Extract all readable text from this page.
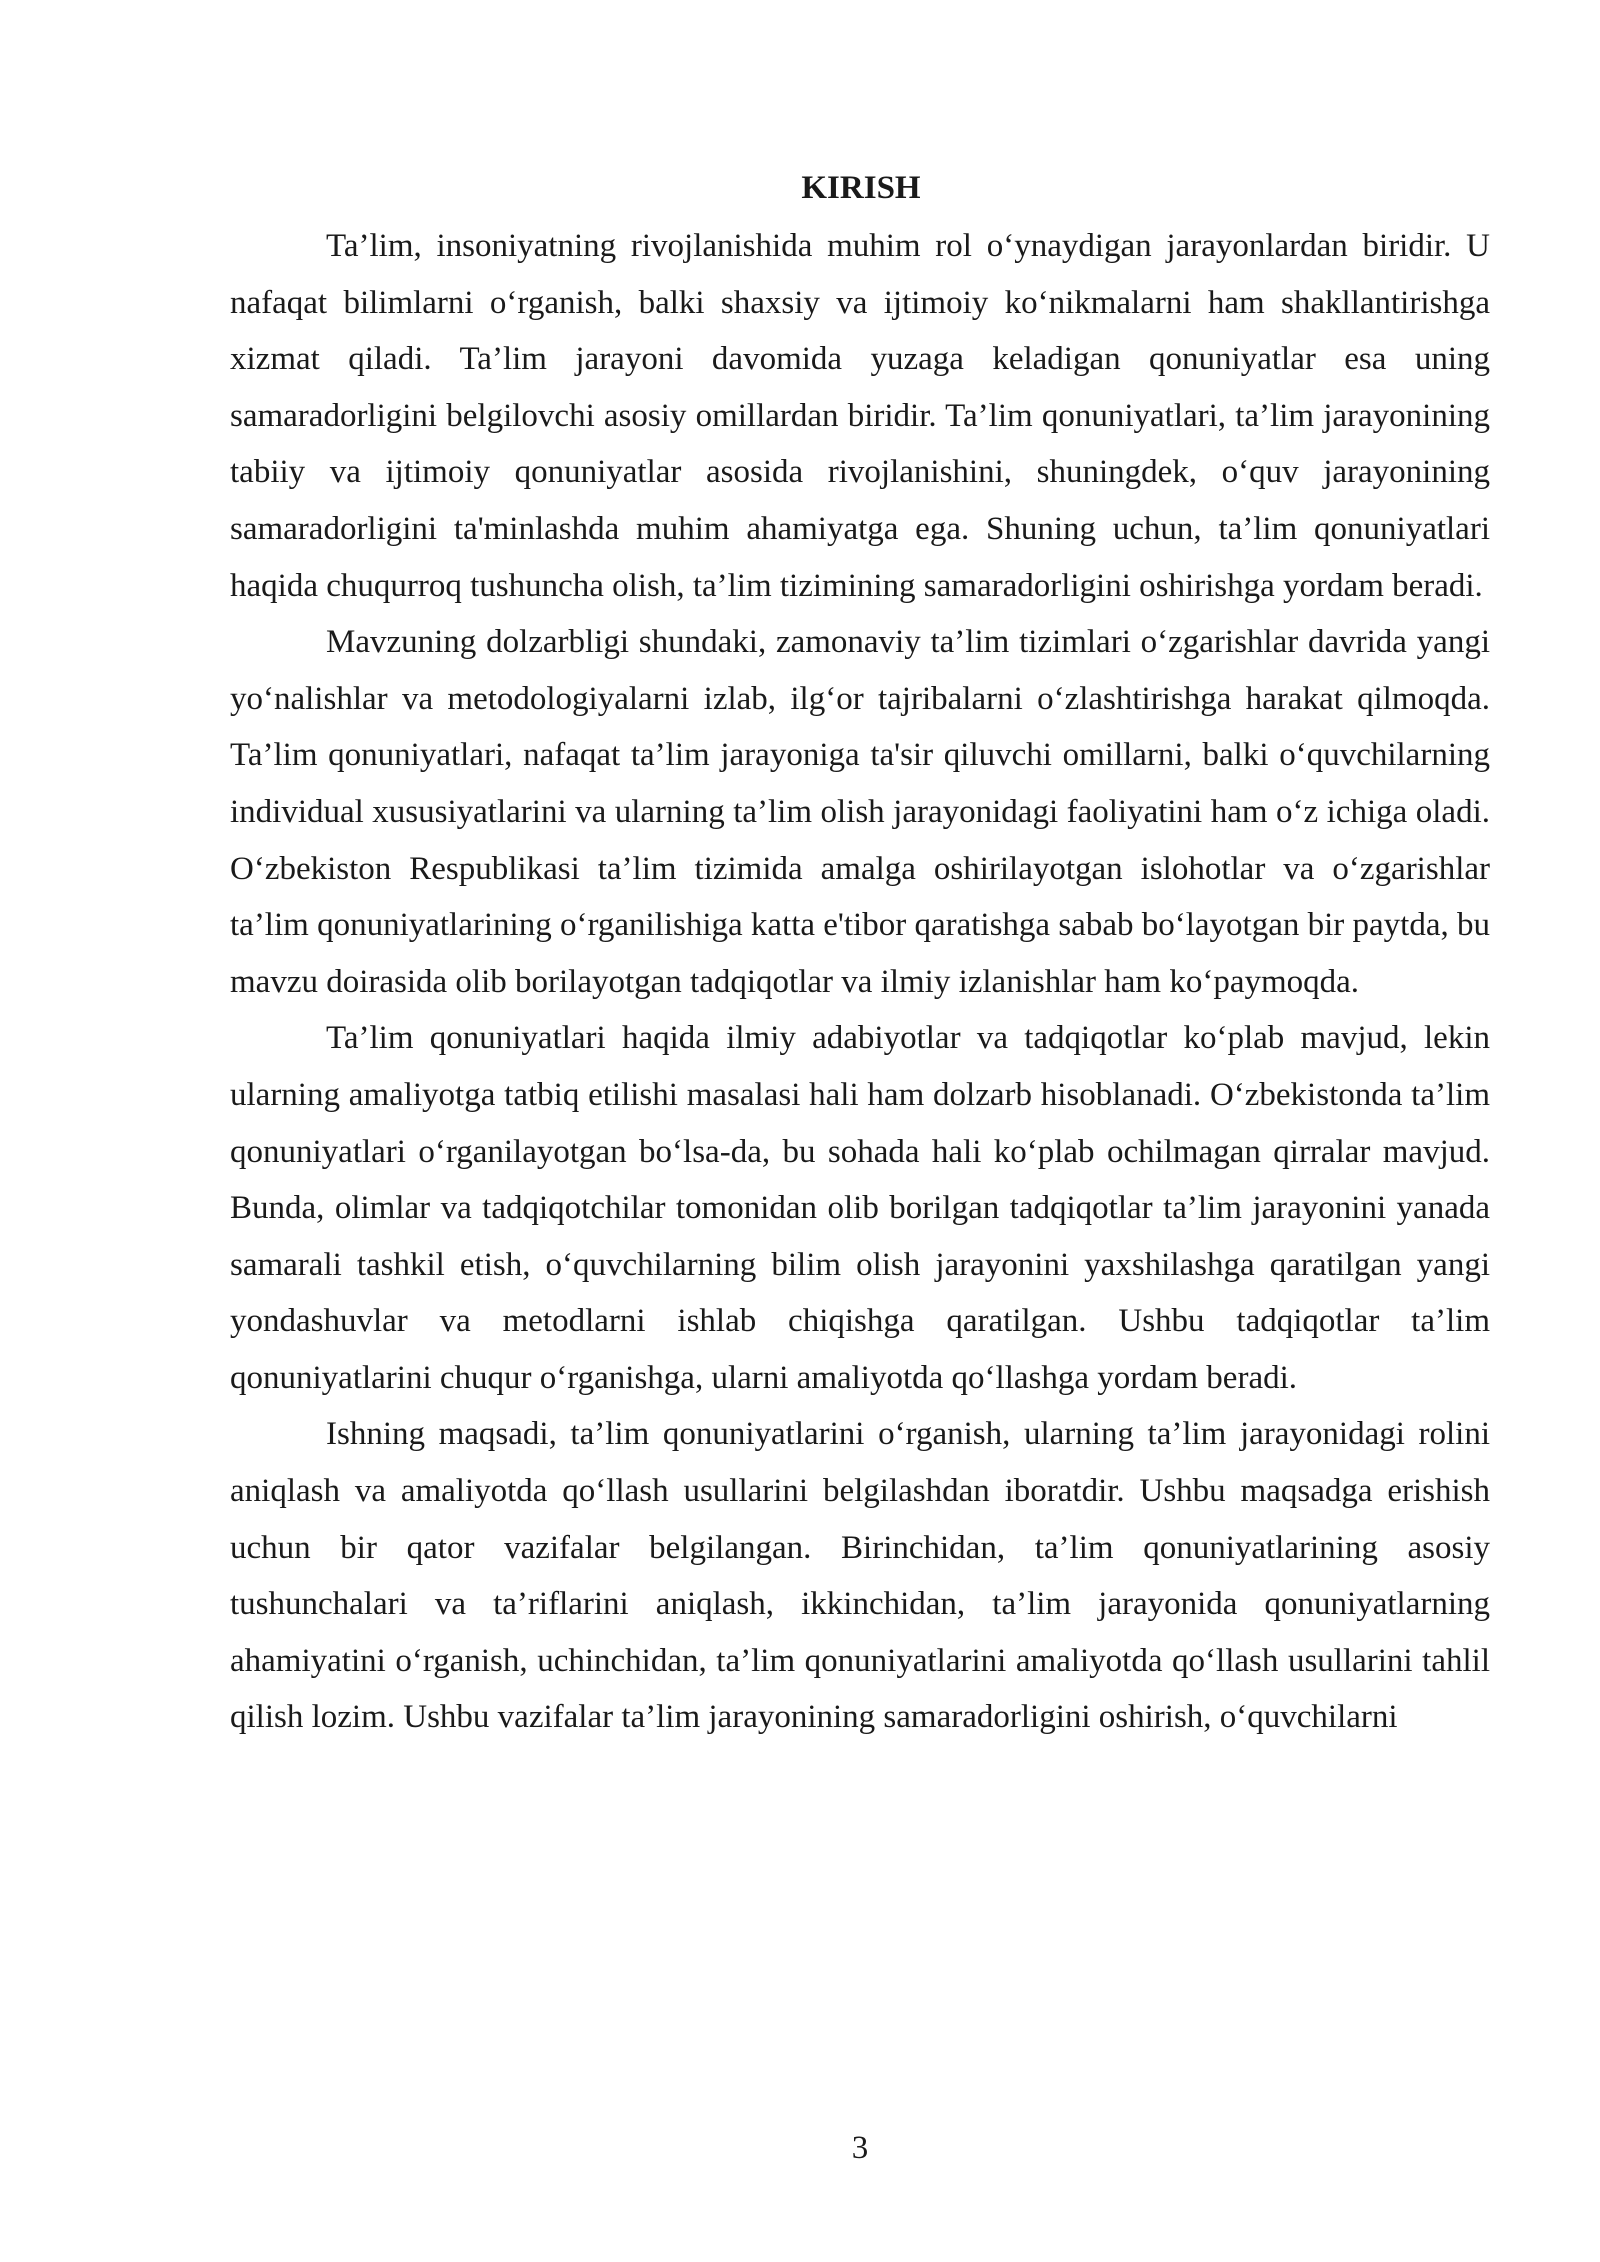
KIRISH

Ta’lim, insoniyatning rivojlanishida muhim rol o‘ynaydigan jarayonlardan biridir. U nafaqat bilimlarni o‘rganish, balki shaxsiy va ijtimoiy ko‘nikmalarni ham shakllantirishga xizmat qiladi. Ta’lim jarayoni davomida yuzaga keladigan qonuniyatlar esa uning samaradorligini belgilovchi asosiy omillardan biridir. Ta’lim qonuniyatlari, ta’lim jarayonining tabiiy va ijtimoiy qonuniyatlar asosida rivojlanishini, shuningdek, o‘quv jarayonining samaradorligini ta'minlashda muhim ahamiyatga ega. Shuning uchun, ta’lim qonuniyatlari haqida chuqurroq tushuncha olish, ta’lim tizimining samaradorligini oshirishga yordam beradi.

Mavzuning dolzarbligi shundaki, zamonaviy ta’lim tizimlari o‘zgarishlar davrida yangi yo‘nalishlar va metodologiyalarni izlab, ilg‘or tajribalarni o‘zlashtirishga harakat qilmoqda. Ta’lim qonuniyatlari, nafaqat ta’lim jarayoniga ta'sir qiluvchi omillarni, balki o‘quvchilarning individual xususiyatlarini va ularning ta’lim olish jarayonidagi faoliyatini ham o‘z ichiga oladi. O‘zbekiston Respublikasi ta’lim tizimida amalga oshirilayotgan islohotlar va o‘zgarishlar ta’lim qonuniyatlarining o‘rganilishiga katta e'tibor qaratishga sabab bo‘layotgan bir paytda, bu mavzu doirasida olib borilayotgan tadqiqotlar va ilmiy izlanishlar ham ko‘paymoqda.

Ta’lim qonuniyatlari haqida ilmiy adabiyotlar va tadqiqotlar ko‘plab mavjud, lekin ularning amaliyotga tatbiq etilishi masalasi hali ham dolzarb hisoblanadi. O‘zbekistonda ta’lim qonuniyatlari o‘rganilayotgan bo‘lsa-da, bu sohada hali ko‘plab ochilmagan qirralar mavjud. Bunda, olimlar va tadqiqotchilar tomonidan olib borilgan tadqiqotlar ta’lim jarayonini yanada samarali tashkil etish, o‘quvchilarning bilim olish jarayonini yaxshilashga qaratilgan yangi yondashuvlar va metodlarni ishlab chiqishga qaratilgan. Ushbu tadqiqotlar ta’lim qonuniyatlarini chuqur o‘rganishga, ularni amaliyotda qo‘llashga yordam beradi.

Ishning maqsadi, ta’lim qonuniyatlarini o‘rganish, ularning ta’lim jarayonidagi rolini aniqlash va amaliyotda qo‘llash usullarini belgilashdan iboratdir. Ushbu maqsadga erishish uchun bir qator vazifalar belgilangan. Birinchidan, ta’lim qonuniyatlarining asosiy tushunchalari va ta’riflarini aniqlash, ikkinchidan, ta’lim jarayonida qonuniyatlarning ahamiyatini o‘rganish, uchinchidan, ta’lim qonuniyatlarini amaliyotda qo‘llash usullarini tahlil qilish lozim. Ushbu vazifalar ta’lim jarayonining samaradorligini oshirish, o‘quvchilarni

3
